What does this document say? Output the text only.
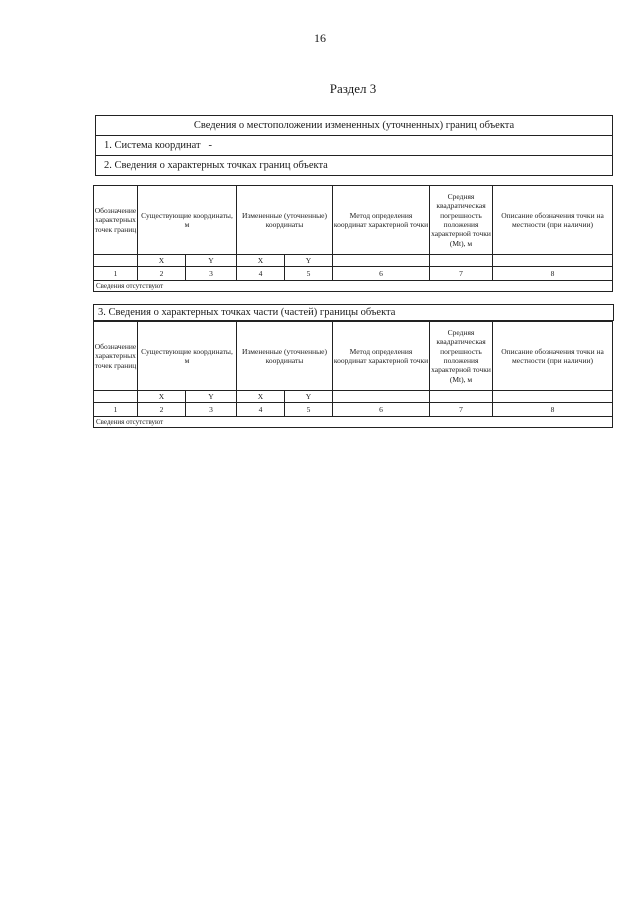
16
Раздел 3
Сведения о местоположении измененных (уточненных) границ объекта
1. Система координат -
2. Сведения о характерных точках границ объекта
Обозначение характерных точек границ	Существующие координаты, м		Измененные (уточненные) координаты		Метод определения координат характерной точки	Средняя квадратическая погрешность положения характерной точки (Mt), м	Описание обозначения точки на местности (при наличии)
	X	Y	X	Y			
1	2	3	4	5	6	7	8
Сведения отсутствуют							
3. Сведения о характерных точках части (частей) границы объекта
Обозначение характерных точек границ	Существующие координаты, м		Измененные (уточненные) координаты		Метод определения координат характерной точки	Средняя квадратическая погрешность положения характерной точки (Mt), м	Описание обозначения точки на местности (при наличии)
	X	Y	X	Y			
1	2	3	4	5	6	7	8
Сведения отсутствуют							
